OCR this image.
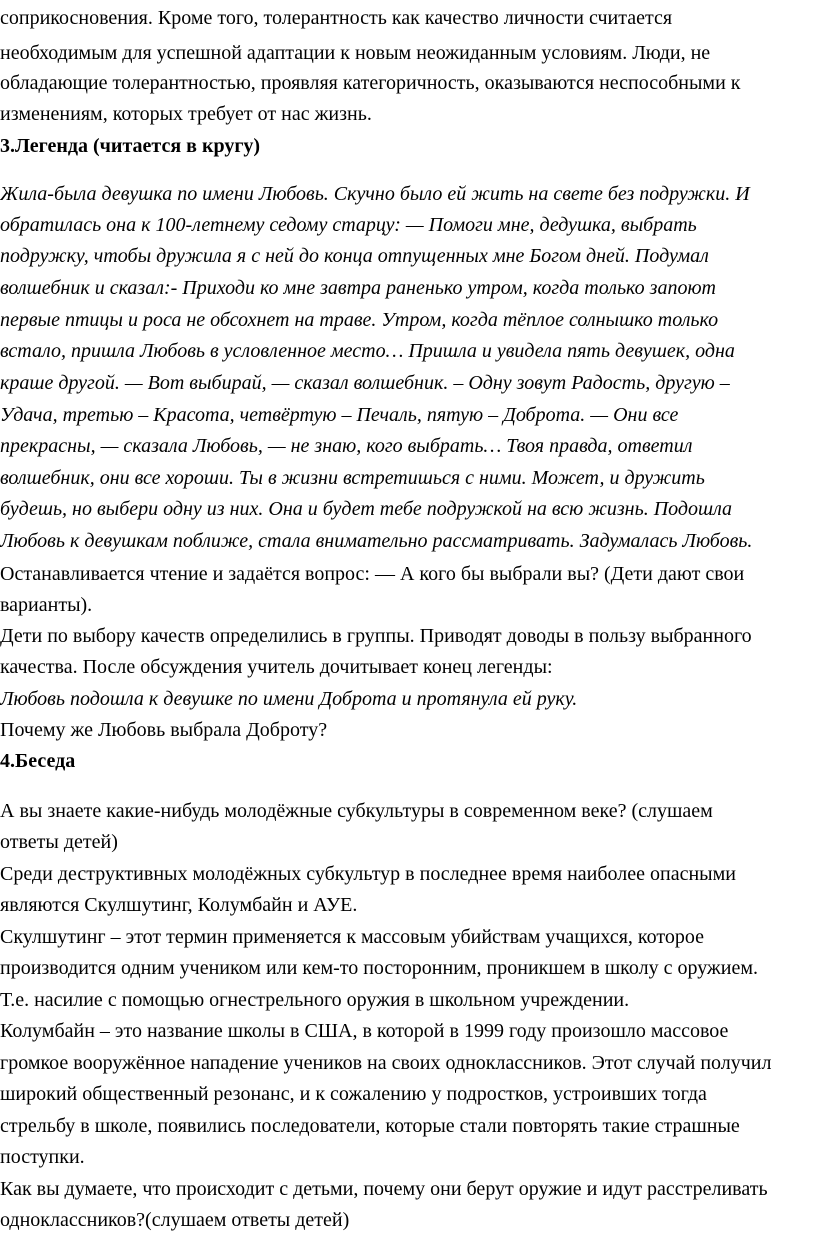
соприкосновения. Кроме того, толерантность как качество личности считается
необходимым для успешной адаптации к новым неожиданным условиям. Люди, не
обладающие толерантностью, проявляя категоричность, оказываются неспособными к
изменениям, которых требует от нас жизнь.
3.Легенда (читается в кругу)
Жила-была девушка по имени Любовь. Скучно было ей жить на свете без подружки. И
обратилась она к 100-летнему седому старцу: — Помоги мне, дедушка, выбрать
подружку, чтобы дружила я с ней до конца отпущенных мне Богом дней. Подумал
волшебник и сказал:- Приходи ко мне завтра раненько утром, когда только запоют
первые птицы и роса не обсохнет на траве. Утром, когда тёплое солнышко только
встало, пришла Любовь в условленное место… Пришла и увидела пять девушек, одна
краше другой. — Вот выбирай, — сказал волшебник. – Одну зовут Радость, другую –
Удача, третью – Красота, четвёртую – Печаль, пятую – Доброта. — Они все
прекрасны, — сказала Любовь, — не знаю, кого выбрать… Твоя правда, ответил
волшебник, они все хороши. Ты в жизни встретишься с ними. Может, и дружить
будешь, но выбери одну из них. Она и будет тебе подружкой на всю жизнь. Подошла
Любовь к девушкам поближе, стала внимательно рассматривать. Задумалась Любовь.
Останавливается чтение и задаётся вопрос: — А кого бы выбрали вы? (Дети дают свои
варианты).
Дети по выбору качеств определились в группы. Приводят доводы в пользу выбранного
качества. После обсуждения учитель дочитывает конец легенды:
Любовь подошла к девушке по имени Доброта и протянула ей руку.
Почему же Любовь выбрала Доброту?
4.Беседа
А вы знаете какие-нибудь молодёжные субкультуры в современном веке? (слушаем
ответы детей)
Среди деструктивных молодёжных субкультур в последнее время наиболее опасными
являются Скулшутинг, Колумбайн и АУЕ.
Скулшутинг – этот термин применяется к массовым убийствам учащихся, которое
производится одним учеником или кем-то посторонним, проникшем в школу с оружием.
Т.е. насилие с помощью огнестрельного оружия в школьном учреждении.
Колумбайн – это название школы в США, в которой в 1999 году произошло массовое
громкое вооружённое нападение учеников на своих одноклассников. Этот случай получил
широкий общественный резонанс, и к сожалению у подростков, устроивших тогда
стрельбу в школе, появились последователи, которые стали повторять такие страшные
поступки.
Как вы думаете, что происходит с детьми, почему они берут оружие и идут расстреливать
одноклассников?(слушаем ответы детей)
